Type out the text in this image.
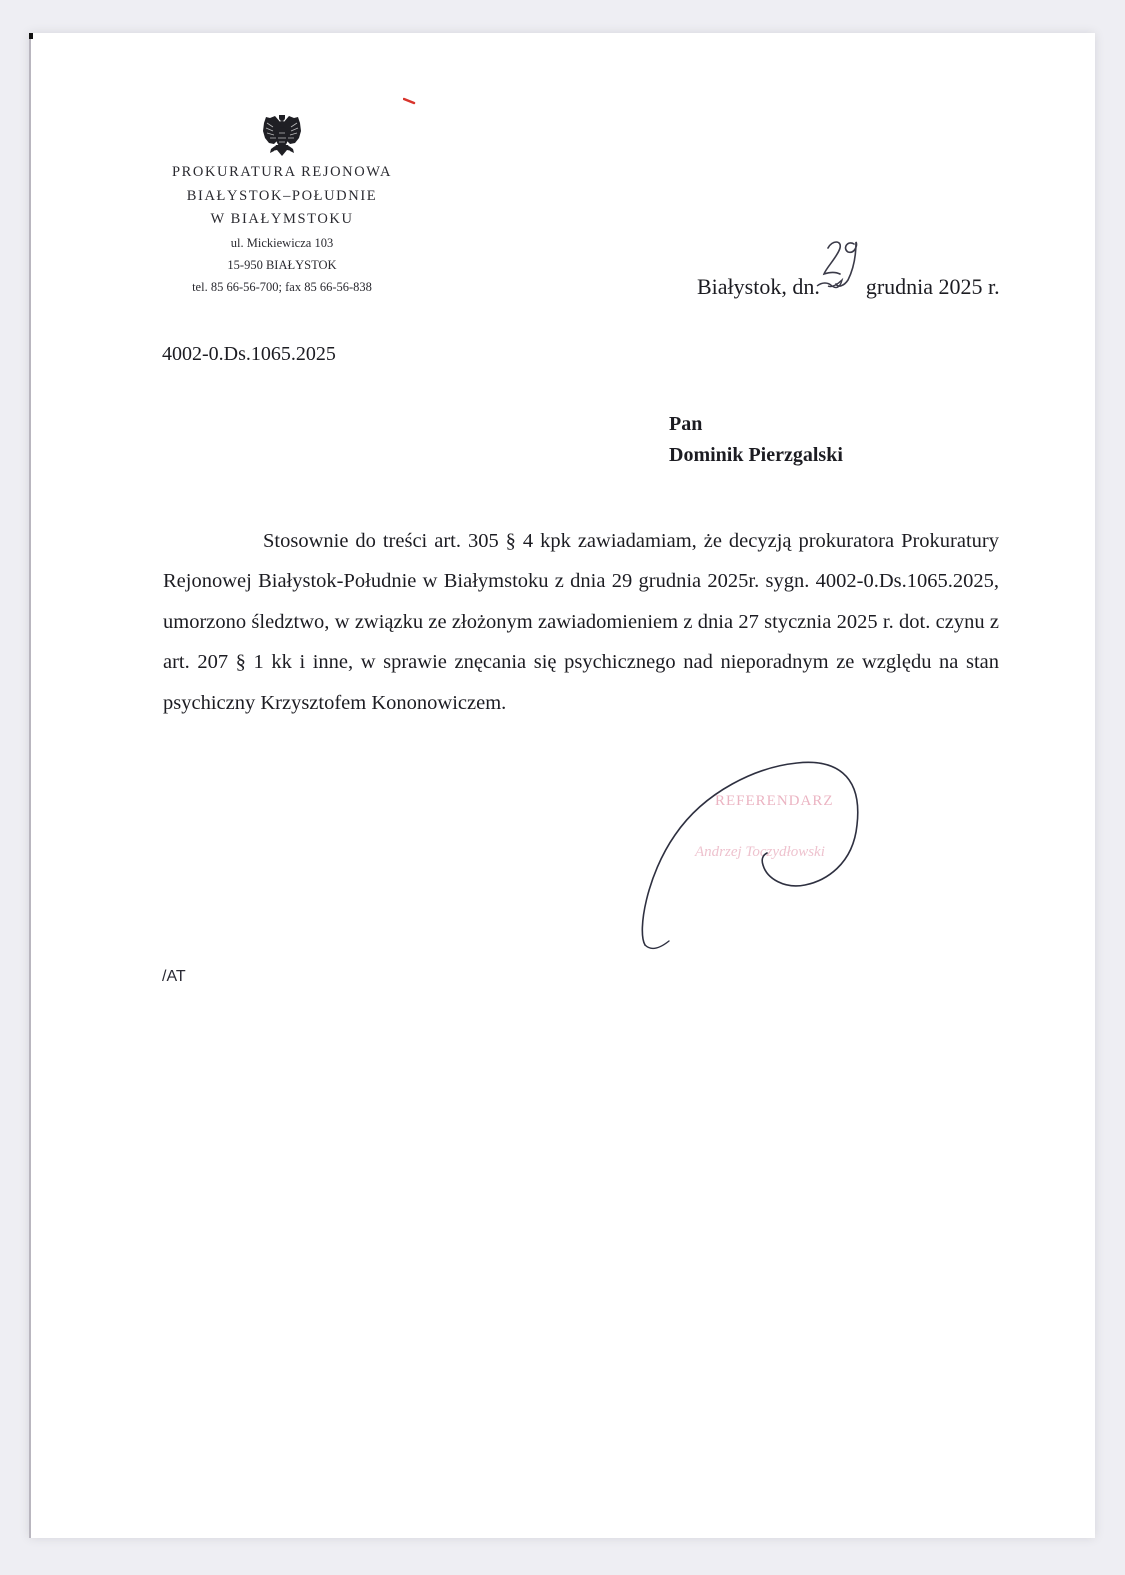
PROKURATURA REJONOWA
BIAŁYSTOK–POŁUDNIE
W BIAŁYMSTOKU
ul. Mickiewicza 103
15-950 BIAŁYSTOK
tel. 85 66-56-700; fax 85 66-56-838	Białystok, dn. grudnia 2025 r.
4002-0.Ds.1065.2025
Pan
Dominik Pierzgalski
Stosownie do treści art. 305 § 4 kpk zawiadamiam, że decyzją prokuratora Prokuratury Rejonowej Białystok-Południe w Białymstoku z dnia 29 grudnia 2025r. sygn. 4002-0.Ds.1065.2025, umorzono śledztwo, w związku ze złożonym zawiadomieniem z dnia 27 stycznia 2025 r. dot. czynu z art. 207 § 1 kk i inne, w sprawie znęcania się psychicznego nad nieporadnym ze względu na stan psychiczny Krzysztofem Kononowiczem.
REFERENDARZ
Andrzej Toczydłowski
/AT
